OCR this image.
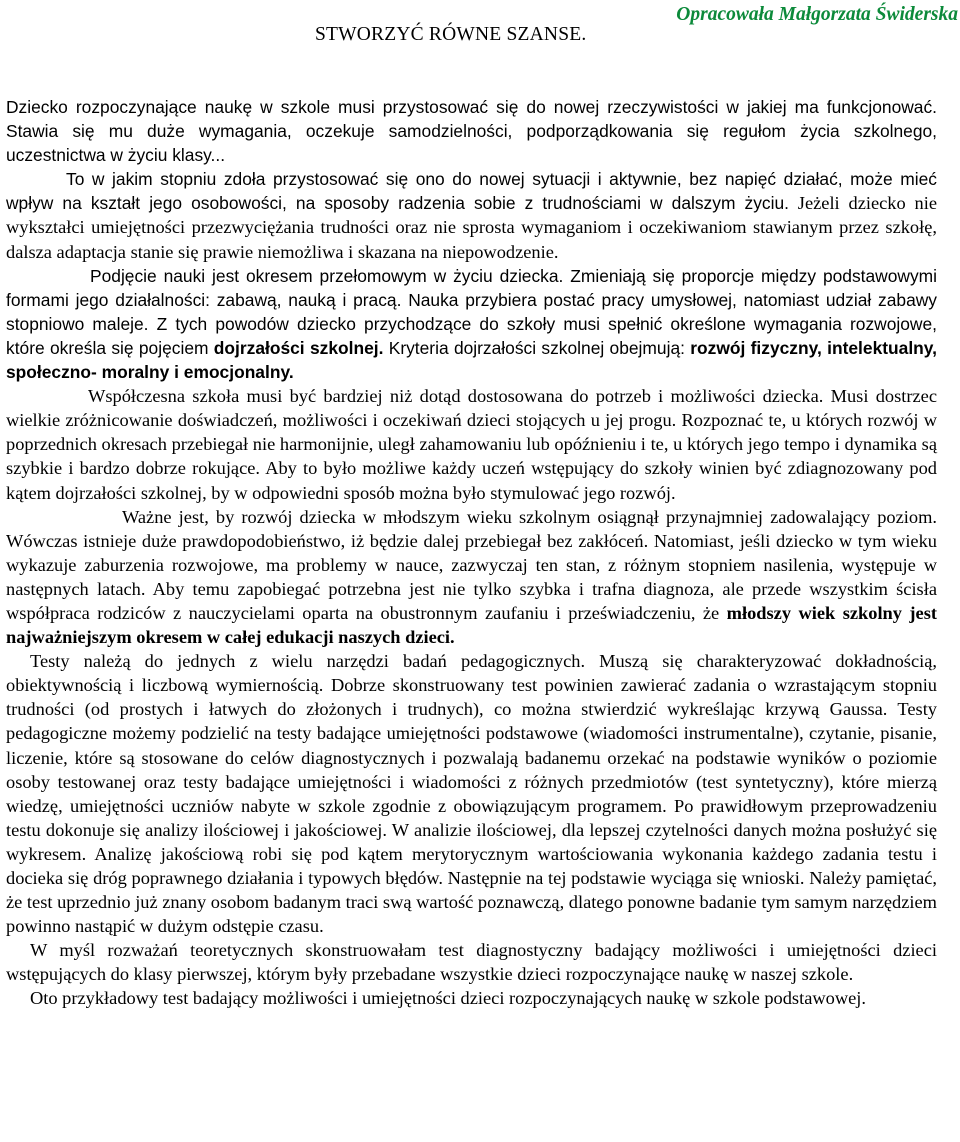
STWORZYĆ RÓWNE SZANSE.
Opracowała Małgorzata Świderska

Dziecko rozpoczynające naukę w szkole musi przystosować się do nowej rzeczywistości w jakiej ma funkcjonować. Stawia się mu duże wymagania, oczekuje samodzielności, podporządkowania się regułom życia szkolnego, uczestnictwa w życiu klasy...

To w jakim stopniu zdoła przystosować się ono do nowej sytuacji i aktywnie, bez napięć działać, może mieć wpływ na kształt jego osobowości, na sposoby radzenia sobie z trudnościami w dalszym życiu. Jeżeli dziecko nie wykształci umiejętności przezwyciężania trudności oraz nie sprosta wymaganiom i oczekiwaniom stawianym przez szkołę, dalsza adaptacja stanie się prawie niemożliwa i skazana na niepowodzenie.

Podjęcie nauki jest okresem przełomowym w życiu dziecka. Zmieniają się proporcje między podstawowymi formami jego działalności: zabawą, nauką i pracą. Nauka przybiera postać pracy umysłowej, natomiast udział zabawy stopniowo maleje. Z tych powodów dziecko przychodzące do szkoły musi spełnić określone wymagania rozwojowe, które określa się pojęciem dojrzałości szkolnej. Kryteria dojrzałości szkolnej obejmują: rozwój fizyczny, intelektualny, społeczno- moralny i emocjonalny.

Współczesna szkoła musi być bardziej niż dotąd dostosowana do potrzeb i możliwości dziecka. Musi dostrzec wielkie zróżnicowanie doświadczeń, możliwości i oczekiwań dzieci stojących u jej progu. Rozpoznać te, u których rozwój w poprzednich okresach przebiegał nie harmonijnie, uległ zahamowaniu lub opóźnieniu i te, u których jego tempo i dynamika są szybkie i bardzo dobrze rokujące. Aby to było możliwe każdy uczeń wstępujący do szkoły winien być zdiagnozowany pod kątem dojrzałości szkolnej, by w odpowiedni sposób można było stymulować jego rozwój.

Ważne jest, by rozwój dziecka w młodszym wieku szkolnym osiągnął przynajmniej zadowalający poziom. Wówczas istnieje duże prawdopodobieństwo, iż będzie dalej przebiegał bez zakłóceń. Natomiast, jeśli dziecko w tym wieku wykazuje zaburzenia rozwojowe, ma problemy w nauce, zazwyczaj ten stan, z różnym stopniem nasilenia, występuje w następnych latach. Aby temu zapobiegać potrzebna jest nie tylko szybka i trafna diagnoza, ale przede wszystkim ścisła współpraca rodziców z nauczycielami oparta na obustronnym zaufaniu i przeświadczeniu, że młodszy wiek szkolny jest najważniejszym okresem w całej edukacji naszych dzieci.

Testy należą do jednych z wielu narzędzi badań pedagogicznych. Muszą się charakteryzować dokładnością, obiektywnością i liczbową wymiernością. Dobrze skonstruowany test powinien zawierać zadania o wzrastającym stopniu trudności (od prostych i łatwych do złożonych i trudnych), co można stwierdzić wykreślając krzywą Gaussa. Testy pedagogiczne możemy podzielić na testy badające umiejętności podstawowe (wiadomości instrumentalne), czytanie, pisanie, liczenie, które są stosowane do celów diagnostycznych i pozwalają badanemu orzekać na podstawie wyników o poziomie osoby testowanej oraz testy badające umiejętności i wiadomości z różnych przedmiotów (test syntetyczny), które mierzą wiedzę, umiejętności uczniów nabyte w szkole zgodnie z obowiązującym programem. Po prawidłowym przeprowadzeniu testu dokonuje się analizy ilościowej i jakościowej. W analizie ilościowej, dla lepszej czytelności danych można posłużyć się wykresem. Analizę jakościową robi się pod kątem merytorycznym wartościowania wykonania każdego zadania testu i docieka się dróg poprawnego działania i typowych błędów. Następnie na tej podstawie wyciąga się wnioski. Należy pamiętać, że test uprzednio już znany osobom badanym traci swą wartość poznawczą, dlatego ponowne badanie tym samym narzędziem powinno nastąpić w dużym odstępie czasu.

W myśl rozważań teoretycznych skonstruowałam test diagnostyczny badający możliwości i umiejętności dzieci wstępujących do klasy pierwszej, którym były przebadane wszystkie dzieci rozpoczynające naukę w naszej szkole.

Oto przykładowy test badający możliwości i umiejętności dzieci rozpoczynających naukę w szkole podstawowej.
